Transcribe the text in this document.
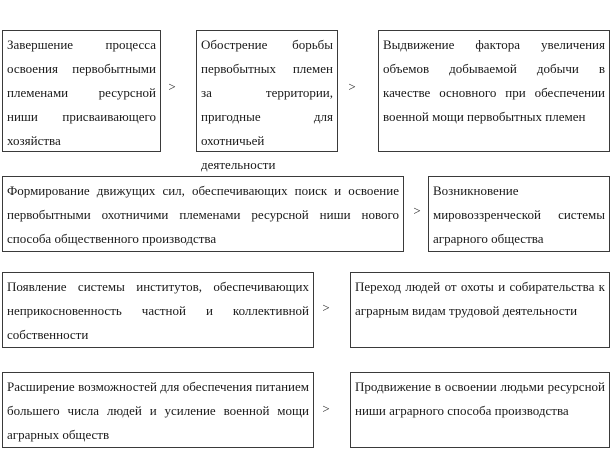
Завершение процесса освоения первобытными племенами ресурсной ниши присваивающего хозяйства
>
Обострение борьбы первобытных племен за территории, пригодные для охотничьей деятельности
>
Выдвижение фактора увеличения объемов добываемой добычи в качестве основного при обеспечении военной мощи первобытных племен
Формирование движущих сил, обеспечивающих поиск и освоение первобытными охотничими племенами ресурсной ниши нового способа общественного производства
>
Возникновение мировоззренческой системы аграрного общества
Появление системы институтов, обеспечивающих неприкосновенность частной и коллективной собственности
>
Переход людей от охоты и собирательства к аграрным видам трудовой деятельности
Расширение возможностей для обеспечения питанием большего числа людей и усиление военной мощи аграрных обществ
>
Продвижение в освоении людьми ресурсной ниши аграрного способа производства
